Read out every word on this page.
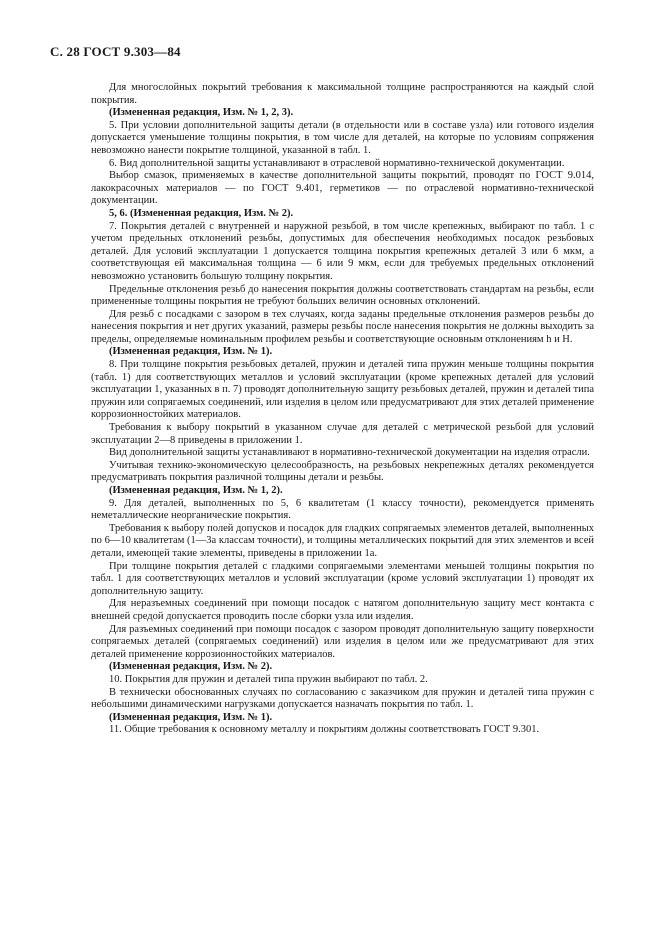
С. 28 ГОСТ 9.303—84

Для многослойных покрытий требования к максимальной толщине распространяются на каждый слой покрытия.

(Измененная редакция, Изм. № 1, 2, 3).

5. При условии дополнительной защиты детали (в отдельности или в составе узла) или готового изделия допускается уменьшение толщины покрытия, в том числе для деталей, на которые по условиям сопряжения невозможно нанести покрытие толщиной, указанной в табл. 1.

6. Вид дополнительной защиты устанавливают в отраслевой нормативно-технической документации.

Выбор смазок, применяемых в качестве дополнительной защиты покрытий, проводят по ГОСТ 9.014, лакокрасочных материалов — по ГОСТ 9.401, герметиков — по отраслевой нормативно-технической документации.

5, 6. (Измененная редакция, Изм. № 2).

7. Покрытия деталей с внутренней и наружной резьбой, в том числе крепежных, выбирают по табл. 1 с учетом предельных отклонений резьбы, допустимых для обеспечения необходимых посадок резьбовых деталей. Для условий эксплуатации 1 допускается толщина покрытия крепежных деталей 3 или 6 мкм, а соответствующая ей максимальная толщина — 6 или 9 мкм, если для требуемых предельных отклонений невозможно установить большую толщину покрытия.

Предельные отклонения резьб до нанесения покрытия должны соответствовать стандартам на резьбы, если примененные толщины покрытия не требуют больших величин основных отклонений.

Для резьб с посадками с зазором в тех случаях, когда заданы предельные отклонения размеров резьбы до нанесения покрытия и нет других указаний, размеры резьбы после нанесения покрытия не должны выходить за пределы, определяемые номинальным профилем резьбы и соответствующие основным отклонениям h и H.

(Измененная редакция, Изм. № 1).

8. При толщине покрытия резьбовых деталей, пружин и деталей типа пружин меньше толщины покрытия (табл. 1) для соответствующих металлов и условий эксплуатации (кроме крепежных деталей для условий эксплуатации 1, указанных в п. 7) проводят дополнительную защиту резьбовых деталей, пружин и деталей типа пружин или сопрягаемых соединений, или изделия в целом или предусматривают для этих деталей применение коррозионностойких материалов.

Требования к выбору покрытий в указанном случае для деталей с метрической резьбой для условий эксплуатации 2—8 приведены в приложении 1.

Вид дополнительной защиты устанавливают в нормативно-технической документации на изделия отрасли.

Учитывая технико-экономическую целесообразность, на резьбовых некрепежных деталях рекомендуется предусматривать покрытия различной толщины детали и резьбы.

(Измененная редакция, Изм. № 1, 2).

9. Для деталей, выполненных по 5, 6 квалитетам (1 классу точности), рекомендуется применять неметаллические неорганические покрытия.

Требования к выбору полей допусков и посадок для гладких сопрягаемых элементов деталей, выполненных по 6—10 квалитетам (1—3а классам точности), и толщины металлических покрытий для этих элементов и всей детали, имеющей такие элементы, приведены в приложении 1а.

При толщине покрытия деталей с гладкими сопрягаемыми элементами меньшей толщины покрытия по табл. 1 для соответствующих металлов и условий эксплуатации (кроме условий эксплуатации 1) проводят их дополнительную защиту.

Для неразъемных соединений при помощи посадок с натягом дополнительную защиту мест контакта с внешней средой допускается проводить после сборки узла или изделия.

Для разъемных соединений при помощи посадок с зазором проводят дополнительную защиту поверхности сопрягаемых деталей (сопрягаемых соединений) или изделия в целом или же предусматривают для этих деталей применение коррозионностойких материалов.

(Измененная редакция, Изм. № 2).

10. Покрытия для пружин и деталей типа пружин выбирают по табл. 2.

В технически обоснованных случаях по согласованию с заказчиком для пружин и деталей типа пружин с небольшими динамическими нагрузками допускается назначать покрытия по табл. 1.

(Измененная редакция, Изм. № 1).

11. Общие требования к основному металлу и покрытиям должны соответствовать ГОСТ 9.301.
